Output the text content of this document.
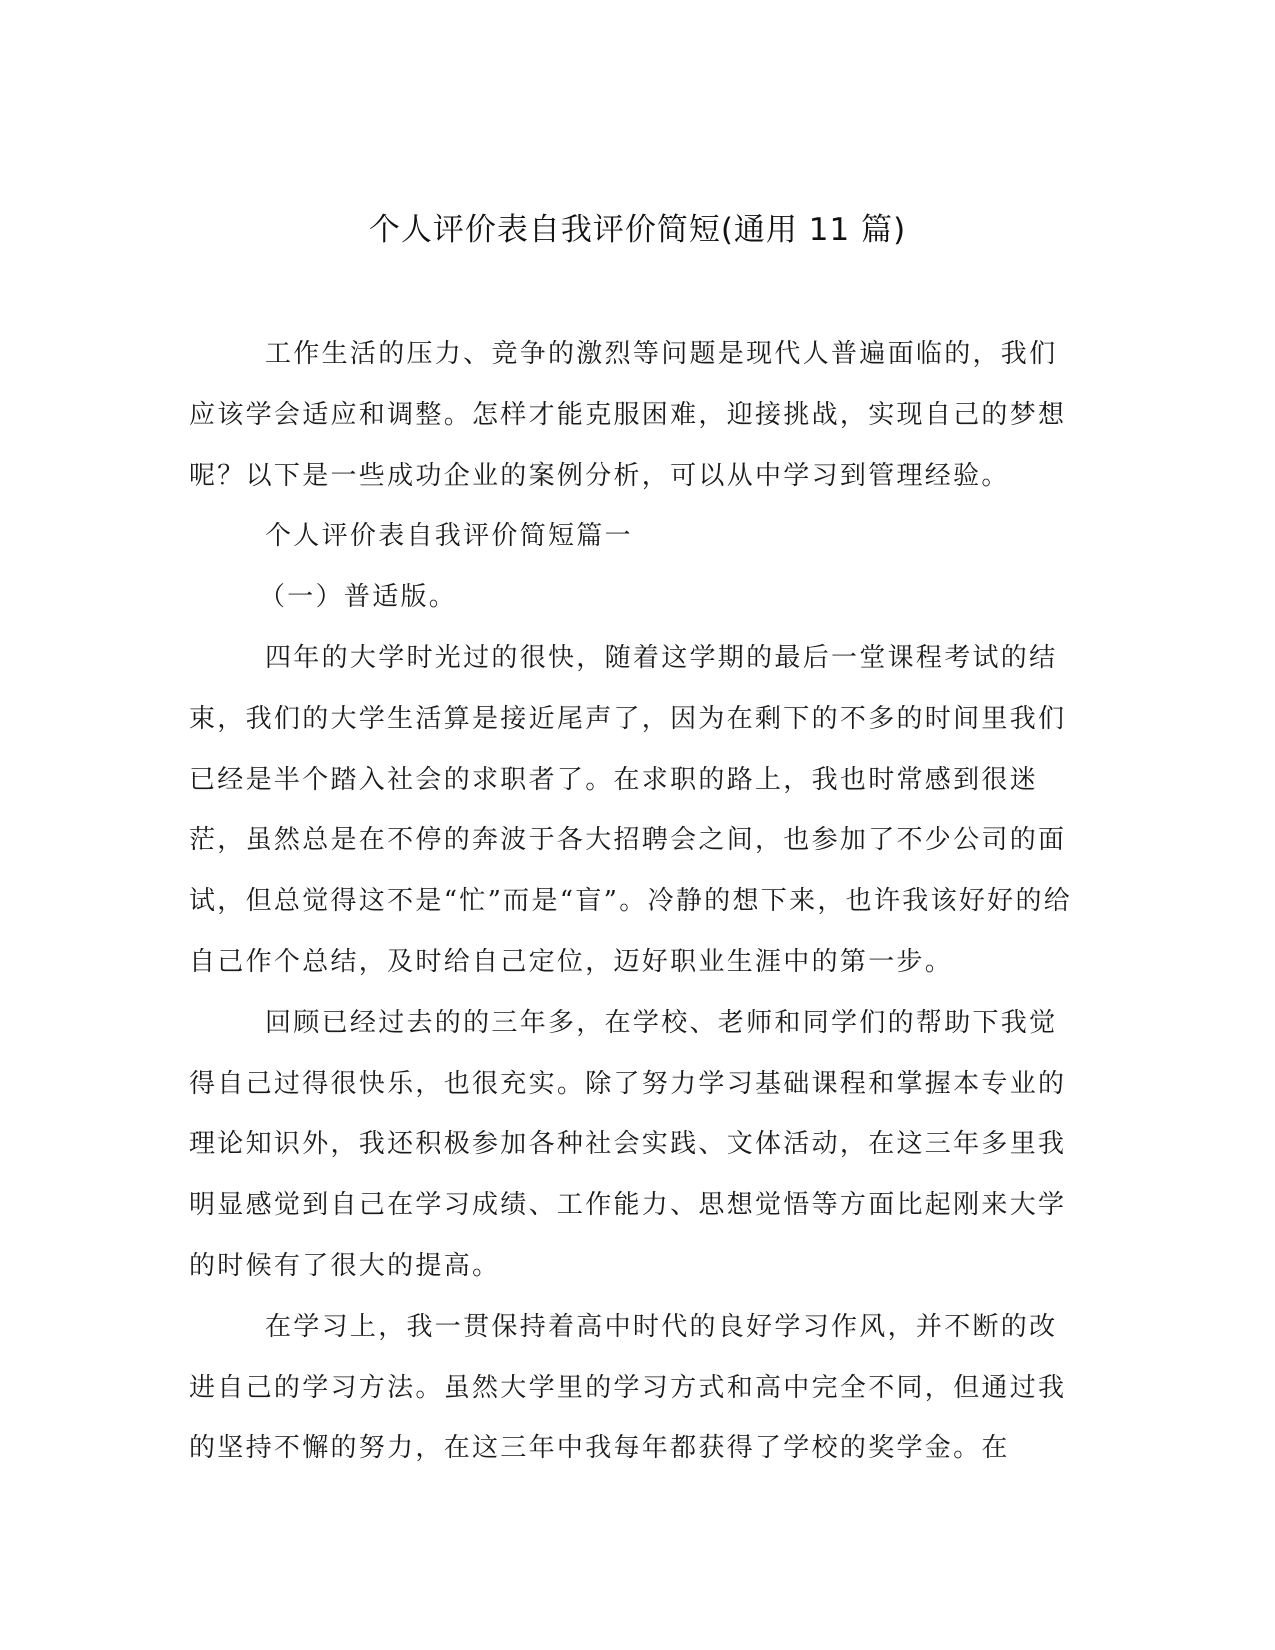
个人评价表自我评价简短(通用 11 篇)

工作生活的压力、竞争的激烈等问题是现代人普遍面临的，我们应该学会适应和调整。怎样才能克服困难，迎接挑战，实现自己的梦想呢？以下是一些成功企业的案例分析，可以从中学习到管理经验。

个人评价表自我评价简短篇一

（一）普适版。

四年的大学时光过的很快，随着这学期的最后一堂课程考试的结束，我们的大学生活算是接近尾声了，因为在剩下的不多的时间里我们已经是半个踏入社会的求职者了。在求职的路上，我也时常感到很迷茫，虽然总是在不停的奔波于各大招聘会之间，也参加了不少公司的面试，但总觉得这不是“忙”而是“盲”。冷静的想下来，也许我该好好的给自己作个总结，及时给自己定位，迈好职业生涯中的第一步。

回顾已经过去的的三年多，在学校、老师和同学们的帮助下我觉得自己过得很快乐，也很充实。除了努力学习基础课程和掌握本专业的理论知识外，我还积极参加各种社会实践、文体活动，在这三年多里我明显感觉到自己在学习成绩、工作能力、思想觉悟等方面比起刚来大学的时候有了很大的提高。

在学习上，我一贯保持着高中时代的良好学习作风，并不断的改进自己的学习方法。虽然大学里的学习方式和高中完全不同，但通过我的坚持不懈的努力，在这三年中我每年都获得了学校的奖学金。在
